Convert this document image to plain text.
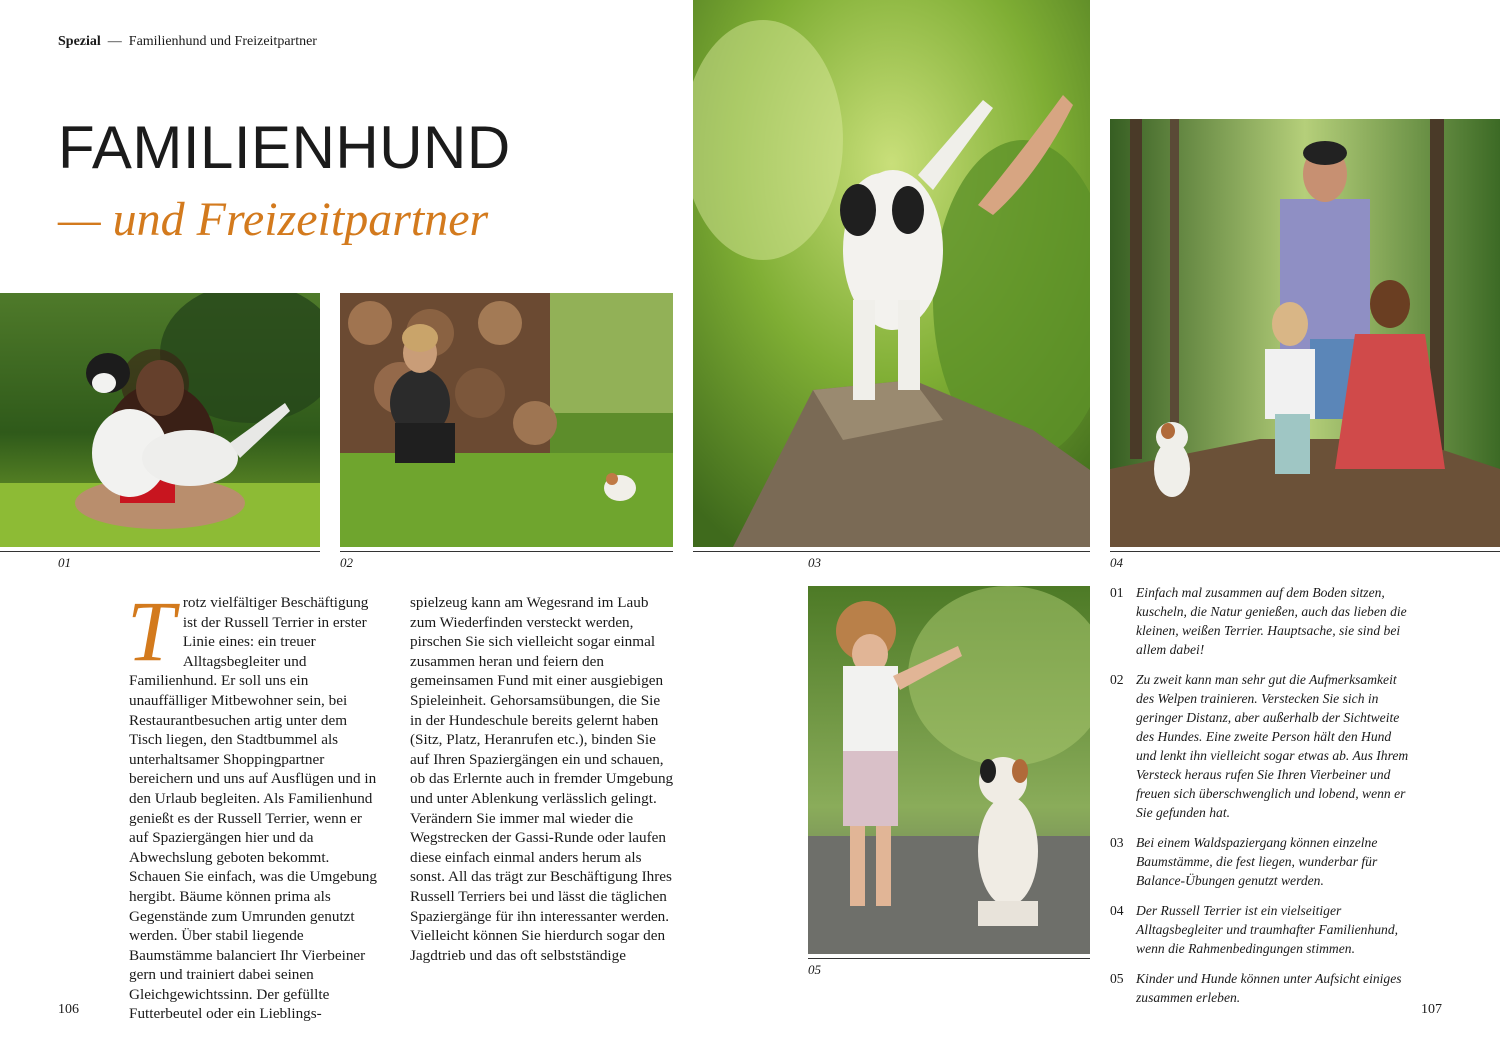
Spezial — Familienhund und Freizeitpartner
FAMILIENHUND
— und Freizeitpartner
01	02	03	04
05

Trotz vielfältiger Beschäftigung ist der Russell Terrier in erster Linie eines: ein treuer Alltagsbegleiter und Familienhund. Er soll uns ein unauffälliger Mitbewohner sein, bei Restaurantbesuchen artig unter dem Tisch liegen, den Stadtbummel als unterhaltsamer Shoppingpartner bereichern und uns auf Ausflügen und in den Urlaub begleiten. Als Familienhund genießt es der Russell Terrier, wenn er auf Spaziergängen hier und da Abwechslung geboten bekommt. Schauen Sie einfach, was die Umgebung hergibt. Bäume können prima als Gegenstände zum Umrunden genutzt werden. Über stabil liegende Baumstämme balanciert Ihr Vierbeiner gern und trainiert dabei seinen Gleichgewichtssinn. Der gefüllte Futterbeutel oder ein Lieblings-

spielzeug kann am Wegesrand im Laub zum Wiederfinden versteckt werden, pirschen Sie sich vielleicht sogar einmal zusammen heran und feiern den gemeinsamen Fund mit einer ausgiebigen Spieleinheit. Gehorsamsübungen, die Sie in der Hundeschule bereits gelernt haben (Sitz, Platz, Heranrufen etc.), binden Sie auf Ihren Spaziergängen ein und schauen, ob das Erlernte auch in fremder Umgebung und unter Ablenkung verlässlich gelingt. Verändern Sie immer mal wieder die Wegstrecken der Gassi-Runde oder laufen diese einfach einmal anders herum als sonst. All das trägt zur Beschäftigung Ihres Russell Terriers bei und lässt die täglichen Spaziergänge für ihn interessanter werden. Vielleicht können Sie hierdurch sogar den Jagdtrieb und das oft selbstständige

01 Einfach mal zusammen auf dem Boden sitzen, kuscheln, die Natur genießen, auch das lieben die kleinen, weißen Terrier. Hauptsache, sie sind bei allem dabei!
02 Zu zweit kann man sehr gut die Aufmerksamkeit des Welpen trainieren. Verstecken Sie sich in geringer Distanz, aber außerhalb der Sichtweite des Hundes. Eine zweite Person hält den Hund und lenkt ihn vielleicht sogar etwas ab. Aus Ihrem Versteck heraus rufen Sie Ihren Vierbeiner und freuen sich überschwenglich und lobend, wenn er Sie gefunden hat.
03 Bei einem Waldspaziergang können einzelne Baumstämme, die fest liegen, wunderbar für Balance-Übungen genutzt werden.
04 Der Russell Terrier ist ein vielseitiger Alltagsbegleiter und traumhafter Familienhund, wenn die Rahmenbedingungen stimmen.
05 Kinder und Hunde können unter Aufsicht einiges zusammen erleben.
106	107
